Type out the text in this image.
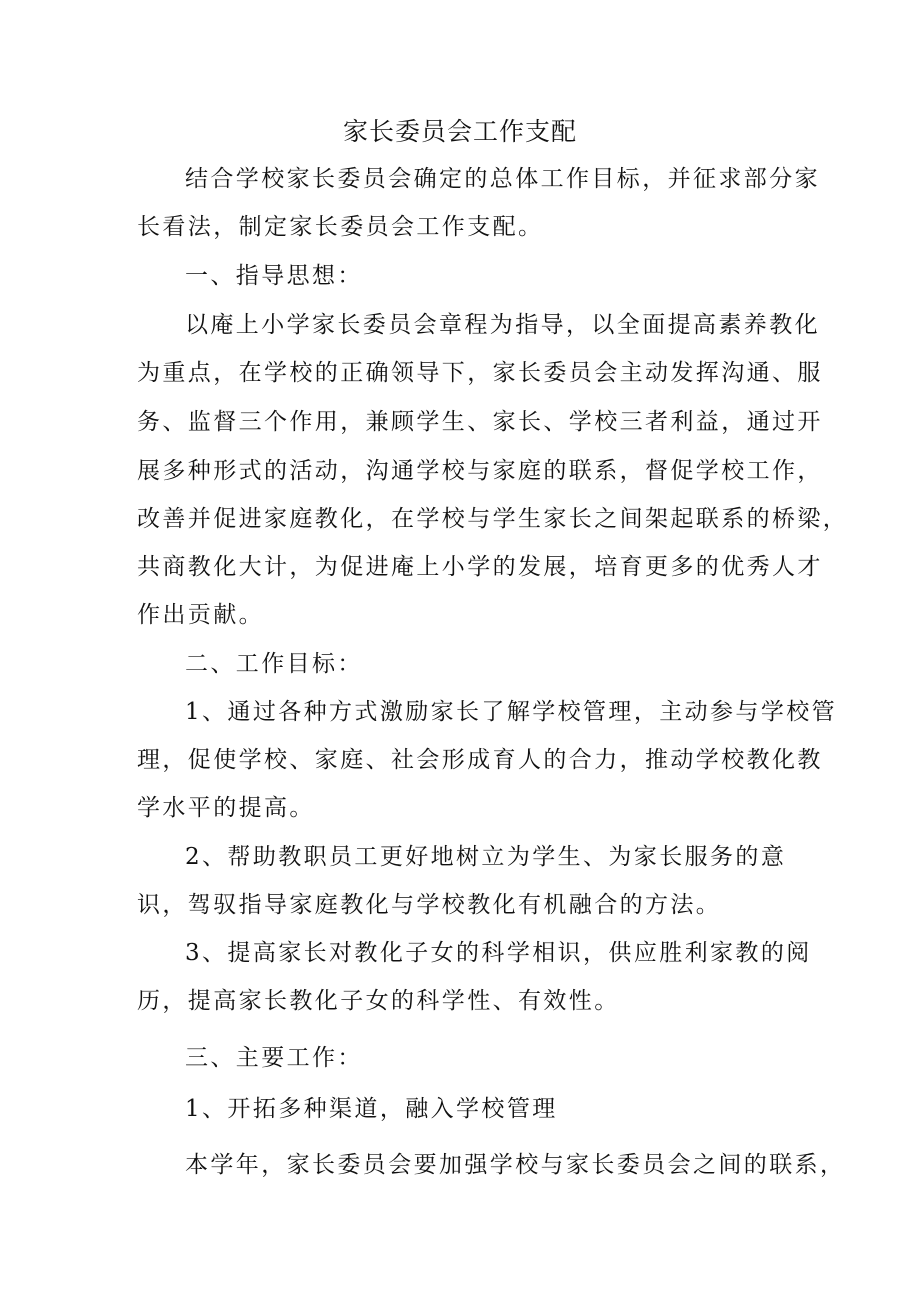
家长委员会工作支配
结合学校家长委员会确定的总体工作目标，并征求部分家
长看法，制定家长委员会工作支配。
一、指导思想：
以庵上小学家长委员会章程为指导，以全面提高素养教化
为重点，在学校的正确领导下，家长委员会主动发挥沟通、服
务、监督三个作用，兼顾学生、家长、学校三者利益，通过开
展多种形式的活动，沟通学校与家庭的联系，督促学校工作，
改善并促进家庭教化，在学校与学生家长之间架起联系的桥梁，
共商教化大计，为促进庵上小学的发展，培育更多的优秀人才
作出贡献。
二、工作目标：
1、通过各种方式激励家长了解学校管理，主动参与学校管
理，促使学校、家庭、社会形成育人的合力，推动学校教化教
学水平的提高。
2、帮助教职员工更好地树立为学生、为家长服务的意
识，驾驭指导家庭教化与学校教化有机融合的方法。
3、提高家长对教化子女的科学相识，供应胜利家教的阅
历，提高家长教化子女的科学性、有效性。
三、主要工作：
1、开拓多种渠道，融入学校管理
本学年，家长委员会要加强学校与家长委员会之间的联系，
